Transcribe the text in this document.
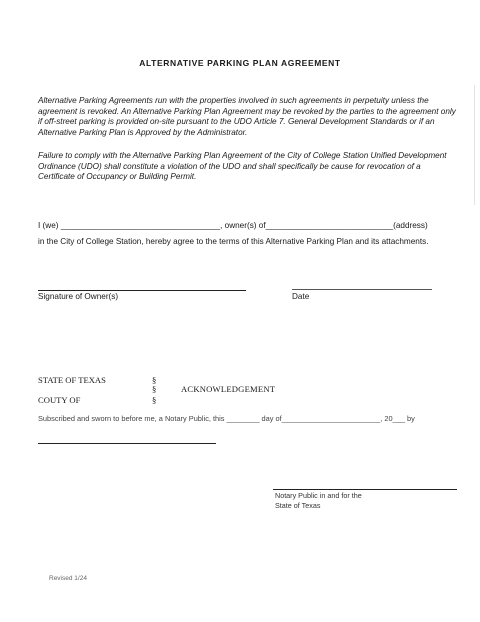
ALTERNATIVE PARKING PLAN AGREEMENT
Alternative Parking Agreements run with the properties involved in such agreements in perpetuity unless the agreement is revoked. An Alternative Parking Plan Agreement may be revoked by the parties to the agreement only if off-street parking is provided on-site pursuant to the UDO Article 7. General Development Standards or if an Alternative Parking Plan is Approved by the Administrator.
Failure to comply with the Alternative Parking Plan Agreement of the City of College Station Unified Development Ordinance (UDO) shall constitute a violation of the UDO and shall specifically be cause for revocation of a Certificate of Occupancy or Building Permit.
I (we) ___________________________________, owner(s) of____________________________(address)
in the City of College Station, hereby agree to the terms of this Alternative Parking Plan and its attachments.
Signature of Owner(s)	Date
STATE OF TEXAS	§
§
§
ACKNOWLEDGEMENT
COUTY OF
Subscribed and sworn to before me, a Notary Public, this ________ day of________________________, 20___ by
Notary Public in and for the
State of Texas
Revised 1/24
